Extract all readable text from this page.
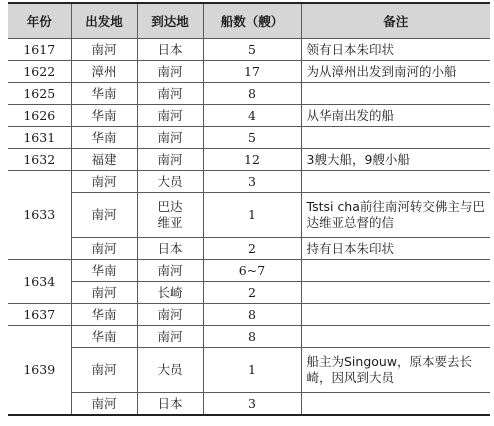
年份	出发地	到达地	船数（艘）	备注
1617	南河	日本	5	领有日本朱印状
1622	漳州	南河	17	为从漳州出发到南河的小船
1625	华南	南河	8	
1626	华南	南河	4	从华南出发的船
1631	华南	南河	5	
1632	福建	南河	12	3艘大船，9艘小船
1633	南河	大员	3	
	南河	巴达维亚	1	Tstsi cha前往南河转交佛主与巴达维亚总督的信
	南河	日本	2	持有日本朱印状
1634	华南	南河	6~7	
	南河	长崎	2	
1637	华南	南河	8	
1639	华南	南河	8	
	南河	大员	1	船主为Singouw，原本要去长崎，因风到大员
	南河	日本	3	
